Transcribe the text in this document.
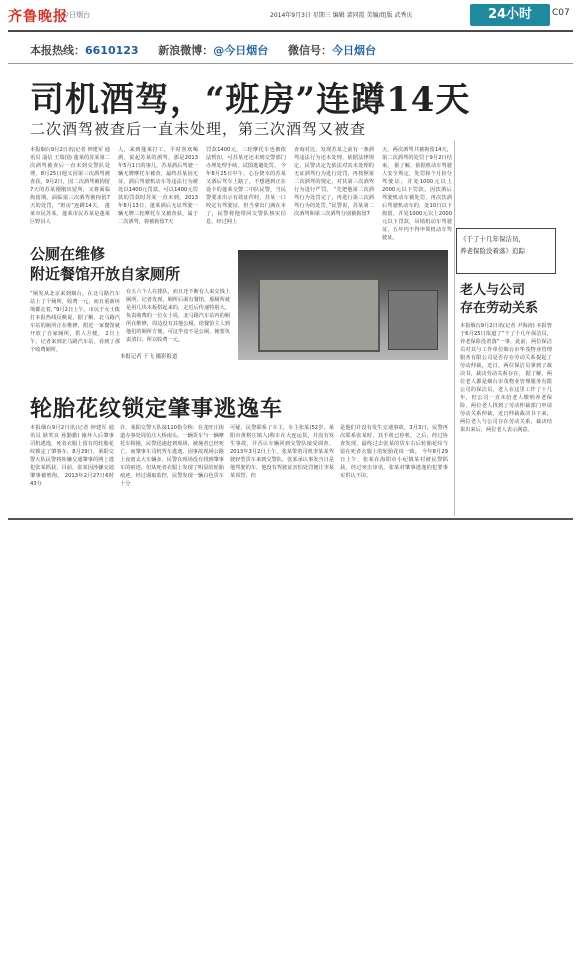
齐鲁晚报
今日烟台	2014年9月3日 星期三 编辑 裴同霞 美编/组版 武秀庆	24小时	C07
本报热线：6610123 新浪微博：@今日烟台 微信号：今日烟台
司机酒驾，“班房”连蹲14天
二次酒驾被查后一直未处理，第三次酒驾又被查
本报烟台9月2日讯(记者 钟建军 通讯员 淄信 王瑞国) 蓬莱的苏某第二次酒驾被查后一直未到交警队处理，8月25日他又因第三次酒驾被查获。9月2日，因二次酒驾被拘留7天的苏某刚刚出留所，又将面临拘留期。面临第三次酒驾被拘留7天的处罚，“班房”连蹲14天。 蓬莱市民苏某，蓬莱市民苏某是蓬莱巨野县人
人，来到蓬莱打工，平时喜欢喝酒。说起苏某的酒驾，那是2013年5月1日的事儿，苏某酒后驾驶一辆无牌摩托车被查，最终苏某因无证、酒后驾驶机动车等违法行为被处以1400元罚款，可以1400元罚款的罚款时苏某一直未到。2013年8月13日，蓬莱酒后无证驾驶一辆无牌三轮摩托车又被查获，属于二次酒驾，将被拘留7天
罚款1400元，三轮摩托车也被依法暂扣，可苏某还还未到交警部门办理处理手续，试图逃避处罚。 今年8月25日中午，心存侥幸的苏某又酒后驾车上路了，不想遇到正在设卡的蓬莱交警二中队民警，当民警要求出示有效证件时，苏某一口咬定有驾驶证，但当拿出门满在本了，民警将他带回交警队核实信息，经过网上
查询对比，发现苏某之前有一条酒驾违法行为还未处理，依据法律规定，民警决定先依法对其未处理的无证酒驾行为进行处罚，再按照第二次酒驾的规定，对其第三次酒驾行为进行严罚。 “先把他第二次酒驾行为处罚完了，再进行第三次酒驾行为的处罚，”民警说，苏某第二次酒驾和第三次酒驾分别被拘留7
天，两次酒驾共被拘留14天，第二次酒驾的处罚于9月2日结束。 据了解，依据机动车驾驶人安全规定，处罚和个月扣分驾驶证，并处1000元以上2000元以下罚款。因饮酒后驾驶机动车被处罚，再次饮酒后驾驶机动车的，处10日以下拘留，并处1000元以上2000元以下罚款，吊销机动车驾驶证，五年内不得申领机动车驾驶证。
公厕在维修
附近餐馆开放自家厕所
“厕发从北京来到烟台，在北马路汽车站上了个厕所，收费一元，而且重新环境都走着，”9月2日上午，市民于女士拨打本报热线反映说，据了解，北马路汽车站的厕所正在维修，附近一家餐馆就开放了自家厕所，供人方便。 2日上午，记者来到北马路汽车站，看到了那个收费厕所，
有五六个人在排队，而且还不断有人来交钱上厕所，记者发现，厕所后面有餐馆，那厕所就是用几块木板搭起来的，走近后传递特别大，负责收费的一位女士说，北马路汽车站内的厕所在维修，周边没有其他公厕，给餐馆主人到他们的厕所方便，可这毕竟不是公厕，掩要负责清扫，所以收费一元。
本报记者 于飞 摄影报道
轮胎花纹锁定肇事逃逸车
本报烟台9月2日讯(记者 钟建军 通讯员 耿笑良 孙勤勤) 撞坏人后肇事司机逃逸，死者衣服上留有的轮胎花纹锁定了肇事车，8月29日，莱阳交警大队民警将涉嫌交通肇事的网上逃犯张某抓获，目前，张某因涉嫌交通肇事被刑拘。 2013年2月27日6时43分
许，莱阳交警大队接110指令称：在龙旺庄街道办事处周伯庄大桥南头，一辆货车与一辆摩托车相撞，民警迅速赶到现场，被撞者已经死亡，而肇事车司机驾车逃逸，因事故现场公路上夜雨太大车辆多，民警在现场没有找到肇事车的痕迹，但从死者衣服上发现了明显的轮胎痕迹，经过调取监控，民警发现一辆白色货车十分
可疑，民警联系了车主，车主张某(52岁，莱阳市黄格庄镇人)称车在大连运货，并没有发生事故，并否认车辆回到交警队接受调查。 2013年3月2日上午，张某带着司机李某某驾驶轻型货车来到交警队，张某承认事发当日是他驾驶的车，他没有驾驶证害怕处罚便让李某某顶替，但
是他们并没有发生交通事故，3月3日，民警再次联系张某时，其手机已停机，之后，经过协查发现，最终过去张某的货车右后轮胎花纹与留在死者衣服上的轮胎花纹一致。 今年8月29日上午，张某在海阳市小纪镇某村被民警抓获，经过突击审讯，张某对肇事逃逸的犯罪事实供认不讳。
《于了十几年保洁员，
养老保险没着落》追踪
老人与公司
存在劳动关系
本报烟台9月2日讯(记者 尹海涛) 本报曾于6月25日报道了“干了十几年保洁员，养老保险没着落”一事，此前，两位保洁员对其与工作单位烟台市华茂物业管理服务有限公司是否存在劳动关系提起了劳动仲裁，近日，两位保洁员拿到了裁决书，裁决劳动关系存在。 据了解，两位老人都是烟台市茂物业管理服务有限公司的保洁员，老人在这里工作了十几年，但公司一直未给老人缴纳养老保险，两位老人找到了劳动仲裁部门申请劳动关系仲裁，近日仲裁裁决书下来，两位老人与公司存在劳动关系，裁决结果出来后，两位老人表示满意。
